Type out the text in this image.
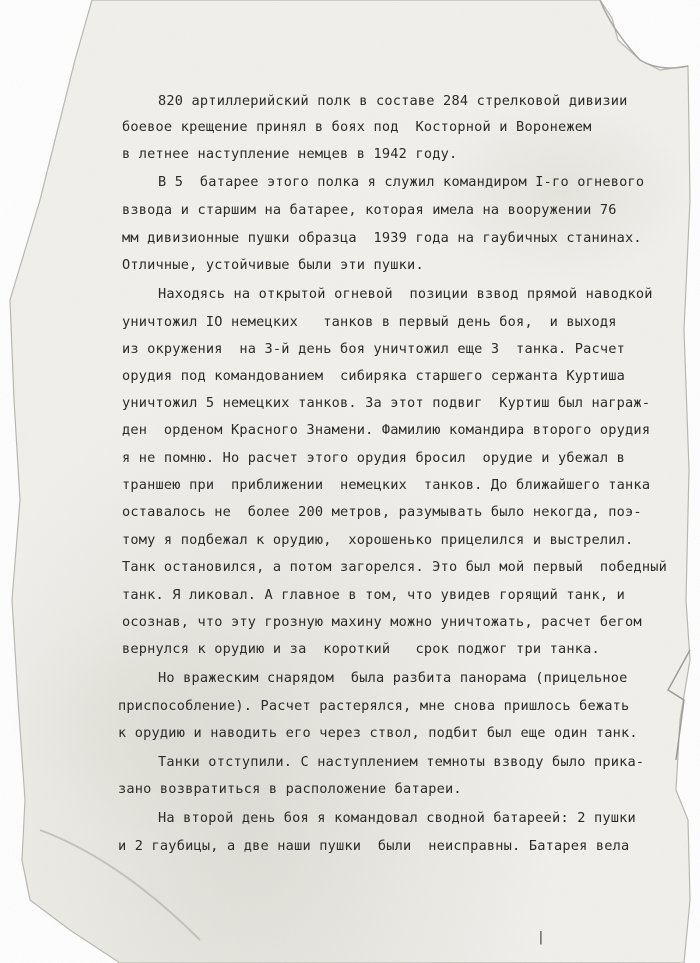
820 артиллерийский полк в составе 284 стрелковой дивизии
боевое крещение принял в боях под  Косторной и Воронежем
в летнее наступление немцев в 1942 году.
В 5  батарее этого полка я служил командиром I-го огневого
взвода и старшим на батарее, которая имела на вооружении 76
мм дивизионные пушки образца  1939 года на гаубичных станинах.
Отличные, устойчивые были эти пушки.
Находясь на открытой огневой  позиции взвод прямой наводкой
уничтожил IO немецких   танков в первый день боя,  и выходя
из окружения  на 3-й день боя уничтожил еще 3  танка. Расчет
орудия под командованием  сибиряка старшего сержанта Куртиша
уничтожил 5 немецких танков. За этот подвиг  Куртиш был награж-
ден  орденом Красного Знамени. Фамилию командира второго орудия
я не помню. Но расчет этого орудия бросил  орудие и убежал в
траншею при  приближении  немецких  танков. До ближайшего танка
оставалось не  более 200 метров, разумывать было некогда, поэ-
тому я подбежал к орудию,  хорошенько прицелился и выстрелил.
Танк остановился, а потом загорелся. Это был мой первый  победный
танк. Я ликовал. А главное в том, что увидев горящий танк, и
осознав, что эту грозную махину можно уничтожать, расчет бегом
вернулся к орудию и за  короткий   срок поджог три танка.
Но вражеским снарядом  была разбита панорама (прицельное
приспособление). Расчет растерялся, мне снова пришлось бежать
к орудию и наводить его через ствол, подбит был еще один танк.
Танки отступили. С наступлением темноты взводу было прика-
зано возвратиться в расположение батареи.
На второй день боя я командовал сводной батареей: 2 пушки
и 2 гаубицы, а две наши пушки  были  неисправны. Батарея вела
|
